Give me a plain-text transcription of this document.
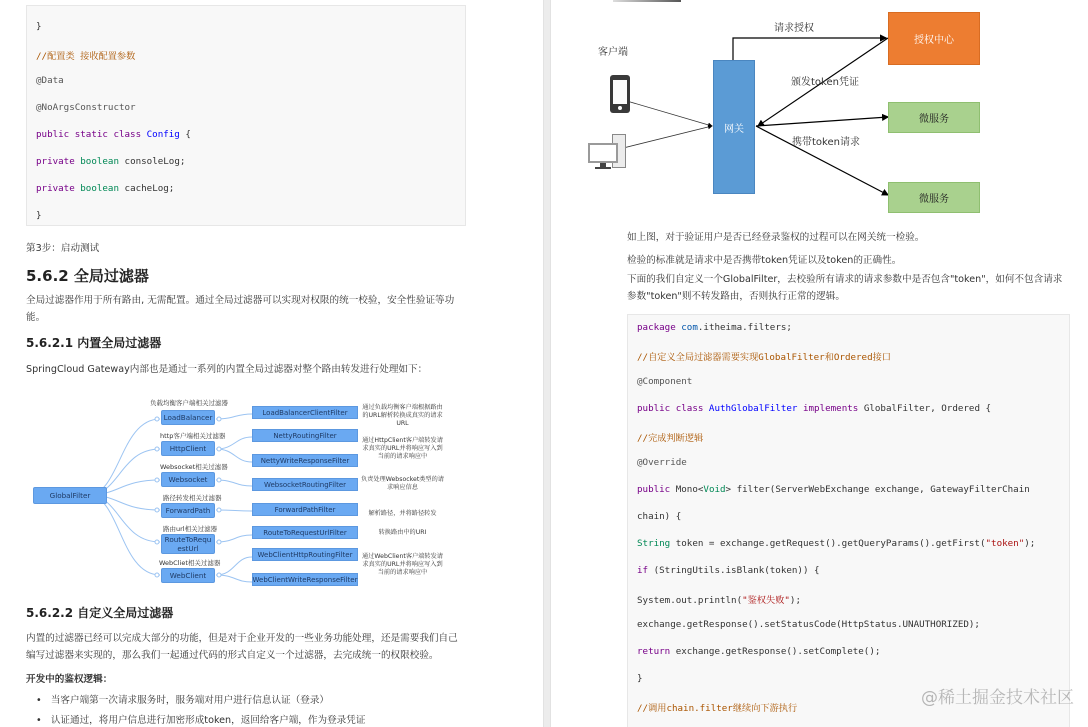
}
//配置类 接收配置参数
@Data
@NoArgsConstructor
public static class Config {
private boolean consoleLog;
private boolean cacheLog;
}
第3步：启动测试
5.6.2 全局过滤器
全局过滤器作用于所有路由, 无需配置。通过全局过滤器可以实现对权限的统一校验，安全性验证等功
能。
5.6.2.1 内置全局过滤器
SpringCloud Gateway内部也是通过一系列的内置全局过滤器对整个路由转发进行处理如下：
GlobalFilter
负载均衡客户端相关过滤器
LoadBalancer
http客户端相关过滤器
HttpClient
Websocket相关过滤器
Websocket
路径转发相关过滤器
ForwardPath
路由url相关过滤器
RouteToRequ
estUrl
WebCliet相关过滤器
WebClient
LoadBalancerClientFilter
NettyRoutingFilter
NettyWriteResponseFilter
WebsocketRoutingFilter
ForwardPathFilter
RouteToRequestUrlFilter
WebClientHttpRoutingFilter
WebClientWriteResponseFilter
通过负载均衡客户端根据路由的URL解析转换成真实的请求URL
通过HttpClient客户端转发请求真实的URL并将响应写入到当前的请求响应中
负责处理Websocket类型的请求响应信息
解析路径，并将路径转发
转换路由中的URI
通过WebClient客户端转发请求真实的URL并将响应写入到当前的请求响应中
5.6.2.2 自定义全局过滤器
内置的过滤器已经可以完成大部分的功能，但是对于企业开发的一些业务功能处理，还是需要我们自己
编写过滤器来实现的，那么我们一起通过代码的形式自定义一个过滤器，去完成统一的权限校验。
开发中的鉴权逻辑：
•   当客户端第一次请求服务时，服务端对用户进行信息认证（登录）
•   认证通过，将用户信息进行加密形成token，返回给客户端，作为登录凭证
客户端
网关
授权中心
微服务
微服务
请求授权
颁发token凭证
携带token请求
如上图，对于验证用户是否已经登录鉴权的过程可以在网关统一检验。
检验的标准就是请求中是否携带token凭证以及token的正确性。
下面的我们自定义一个GlobalFilter，去校验所有请求的请求参数中是否包含"token"，如何不包含请求
参数"token"则不转发路由，否则执行正常的逻辑。
package com.itheima.filters;
//自定义全局过滤器需要实现GlobalFilter和Ordered接口
@Component
public class AuthGlobalFilter implements GlobalFilter, Ordered {
//完成判断逻辑
@Override
public Mono<Void> filter(ServerWebExchange exchange, GatewayFilterChain
chain) {
String token = exchange.getRequest().getQueryParams().getFirst("token");
if (StringUtils.isBlank(token)) {
System.out.println("鉴权失败");
exchange.getResponse().setStatusCode(HttpStatus.UNAUTHORIZED);
return exchange.getResponse().setComplete();
}
//调用chain.filter继续向下游执行
@稀土掘金技术社区
